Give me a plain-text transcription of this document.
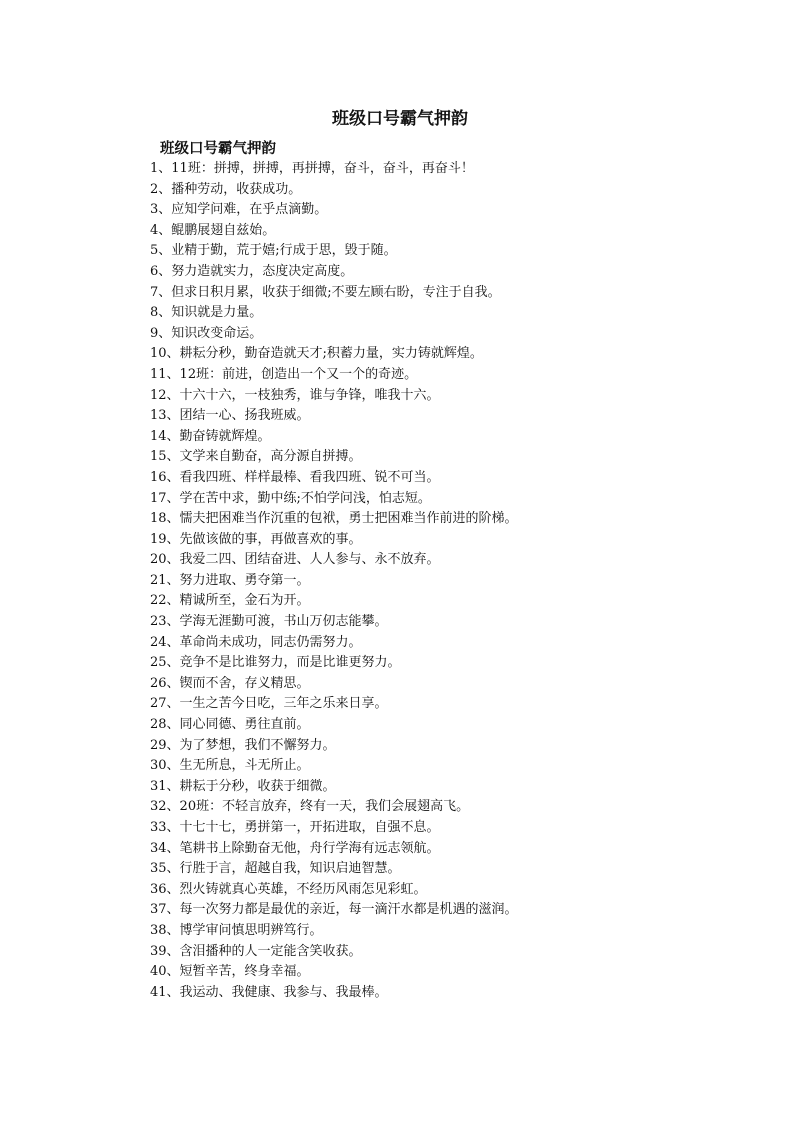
班级口号霸气押韵
班级口号霸气押韵
1、11班：拼搏，拼搏，再拼搏，奋斗，奋斗，再奋斗！
2、播种劳动，收获成功。
3、应知学问难，在乎点滴勤。
4、鲲鹏展翅自兹始。
5、业精于勤，荒于嬉;行成于思，毁于随。
6、努力造就实力，态度决定高度。
7、但求日积月累，收获于细微;不要左顾右盼，专注于自我。
8、知识就是力量。
9、知识改变命运。
10、耕耘分秒，勤奋造就天才;积蓄力量，实力铸就辉煌。
11、12班：前进，创造出一个又一个的奇迹。
12、十六十六，一枝独秀，谁与争锋，唯我十六。
13、团结一心、扬我班威。
14、勤奋铸就辉煌。
15、文学来自勤奋，高分源自拼搏。
16、看我四班、样样最棒、看我四班、锐不可当。
17、学在苦中求，勤中练;不怕学问浅，怕志短。
18、懦夫把困难当作沉重的包袱，勇士把困难当作前进的阶梯。
19、先做该做的事，再做喜欢的事。
20、我爱二四、团结奋进、人人参与、永不放弃。
21、努力进取、勇夺第一。
22、精诚所至，金石为开。
23、学海无涯勤可渡，书山万仞志能攀。
24、革命尚未成功，同志仍需努力。
25、竞争不是比谁努力，而是比谁更努力。
26、锲而不舍，存义精思。
27、一生之苦今日吃，三年之乐来日享。
28、同心同德、勇往直前。
29、为了梦想，我们不懈努力。
30、生无所息，斗无所止。
31、耕耘于分秒，收获于细微。
32、20班：不轻言放弃，终有一天，我们会展翅高飞。
33、十七十七，勇拼第一，开拓进取，自强不息。
34、笔耕书上除勤奋无他，舟行学海有远志领航。
35、行胜于言，超越自我，知识启迪智慧。
36、烈火铸就真心英雄，不经历风雨怎见彩虹。
37、每一次努力都是最优的亲近，每一滴汗水都是机遇的滋润。
38、博学审问慎思明辨笃行。
39、含泪播种的人一定能含笑收获。
40、短暂辛苦，终身幸福。
41、我运动、我健康、我参与、我最棒。
